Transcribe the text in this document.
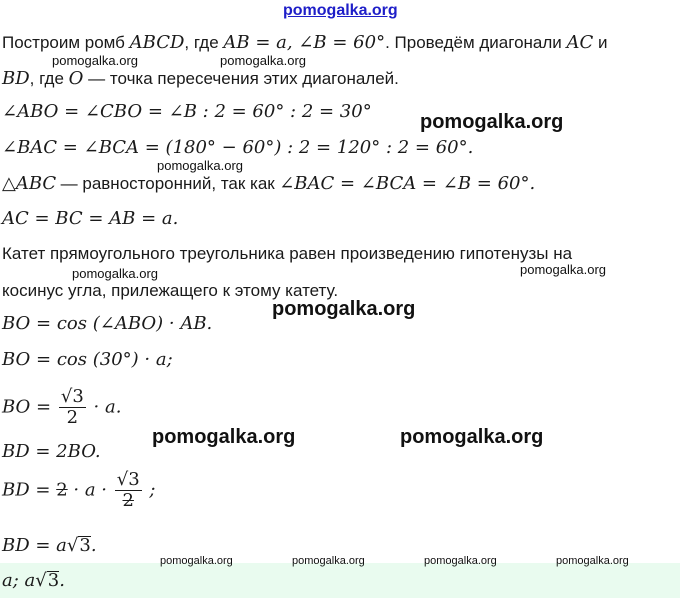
pomogalka.org
Построим ромб ABCD, где AB = a, ∠B = 60°. Проведём диагонали AC и
BD, где O — точка пересечения этих диагоналей.
∠ABO = ∠CBO = ∠B : 2 = 60° : 2 = 30°
∠BAC = ∠BCA = (180° − 60°) : 2 = 120° : 2 = 60°.
△ABC — равносторонний, так как ∠BAC = ∠BCA = ∠B = 60°.
AC = BC = AB = a.
Катет прямоугольного треугольника равен произведению гипотенузы на
косинус угла, прилежащего к этому катету.
BO = cos (∠ABO) · AB.
BO = cos (30°) · a;
BO = $\frac{√3}{2} \cdot a$.
BD = 2BO.
BD = $2 \cdot a \cdot \frac{√3}{2}$ ;
BD = a√3.
a; a√3.
pomogalka.org	pomogalka.org
pomogalka.org
pomogalka.org
pomogalka.org	pomogalka.org
pomogalka.org
pomogalka.org	pomogalka.org
pomogalka.org	pomogalka.org	pomogalka.org	pomogalka.org
